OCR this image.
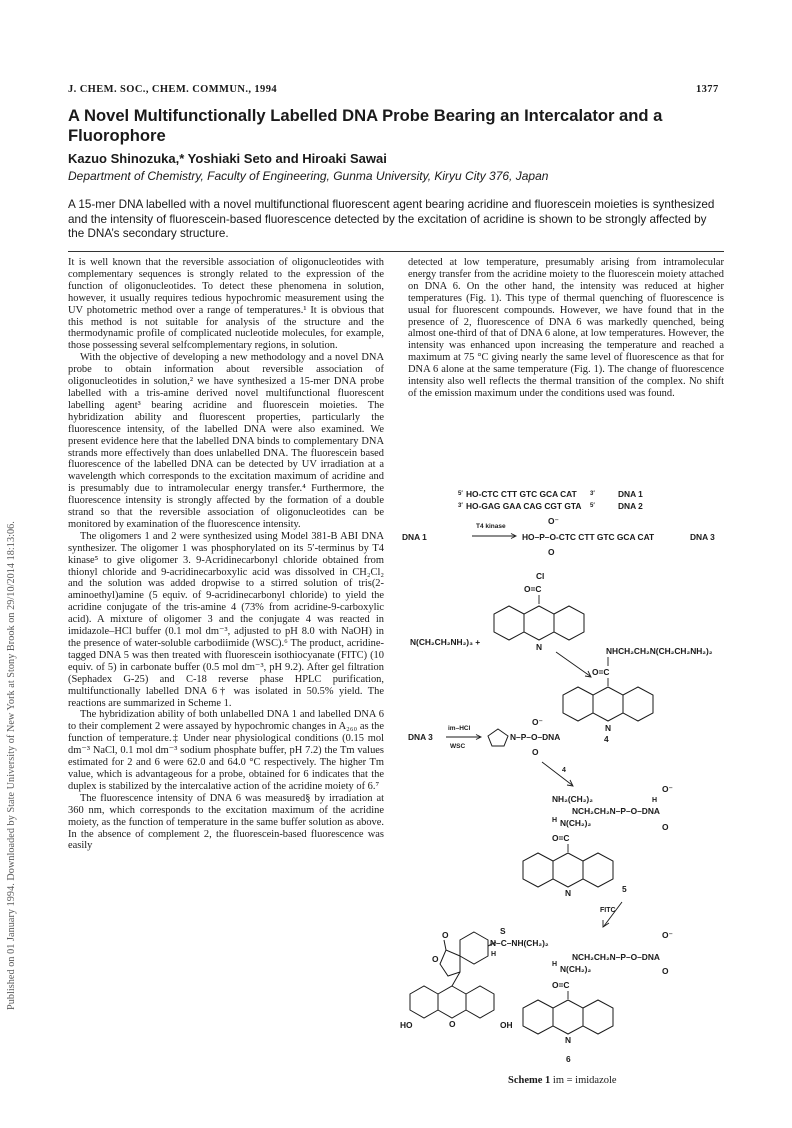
Published on 01 January 1994. Downloaded by State University of New York at Stony Brook on 29/10/2014 18:13:06.
J. CHEM. SOC., CHEM. COMMUN., 1994	1377
A Novel Multifunctionally Labelled DNA Probe Bearing an Intercalator and a Fluorophore
Kazuo Shinozuka,* Yoshiaki Seto and Hiroaki Sawai
Department of Chemistry, Faculty of Engineering, Gunma University, Kiryu City 376, Japan
A 15-mer DNA labelled with a novel multifunctional fluorescent agent bearing acridine and fluorescein moieties is synthesized and the intensity of fluorescein-based fluorescence detected by the excitation of acridine is shown to be strongly affected by the DNA’s secondary structure.

It is well known that the reversible association of oligonucleotides with complementary sequences is strongly related to the expression of the function of oligonucleotides. To detect these phenomena in solution, however, it usually requires tedious hypochromic measurement using the UV photometric method over a range of temperatures.¹ It is obvious that this method is not suitable for analysis of the structure and the thermodynamic profile of complicated nucleotide molecules, for example, those possessing several selfcomplementary regions, in solution.

With the objective of developing a new methodology and a novel DNA probe to obtain information about reversible association of oligonucleotides in solution,² we have synthesized a 15-mer DNA probe labelled with a tris-amine derived novel multifunctional fluorescent labelling agent³ bearing acridine and fluorescein moieties. The hybridization ability and fluorescent properties, particularly the fluorescence intensity, of the labelled DNA were also examined. We present evidence here that the labelled DNA binds to complementary DNA strands more effectively than does unlabelled DNA. The fluorescein based fluorescence of the labelled DNA can be detected by UV irradiation at a wavelength which corresponds to the excitation maximum of acridine and is presumably due to intramolecular energy transfer.⁴ Furthermore, the fluorescence intensity is strongly affected by the formation of a double strand so that the reversible association of oligonucleotides can be monitored by examination of the fluorescence intensity.

The oligomers 1 and 2 were synthesized using Model 381-B ABI DNA synthesizer. The oligomer 1 was phosphorylated on its 5′-terminus by T4 kinase⁵ to give oligomer 3. 9-Acridinecarbonyl chloride obtained from thionyl chloride and 9-acridinecarboxylic acid was dissolved in CH₂Cl₂ and the solution was added dropwise to a stirred solution of tris(2-aminoethyl)amine (5 equiv. of 9-acridinecarbonyl chloride) to yield the acridine conjugate of the tris-amine 4 (73% from acridine-9-carboxylic acid). A mixture of oligomer 3 and the conjugate 4 was reacted in imidazole–HCl buffer (0.1 mol dm⁻³, adjusted to pH 8.0 with NaOH) in the presence of water-soluble carbodiimide (WSC).⁶ The product, acridine-tagged DNA 5 was then treated with fluorescein isothiocyanate (FITC) (10 equiv. of 5) in carbonate buffer (0.5 mol dm⁻³, pH 9.2). After gel filtration (Sephadex G-25) and C-18 reverse phase HPLC purification, multifunctionally labelled DNA 6† was isolated in 50.5% yield. The reactions are summarized in Scheme 1.

The hybridization ability of both unlabelled DNA 1 and labelled DNA 6 to their complement 2 were assayed by hypochromic changes in A₂₆₀ as the function of temperature.‡ Under near physiological conditions (0.15 mol dm⁻³ NaCl, 0.1 mol dm⁻³ sodium phosphate buffer, pH 7.2) the Tm values estimated for 2 and 6 were 62.0 and 64.0 °C respectively. The higher Tm value, which is advantageous for a probe, obtained for 6 indicates that the duplex is stabilized by the intercalative action of the acridine moiety of 6.⁷

The fluorescence intensity of DNA 6 was measured§ by irradiation at 360 nm, which corresponds to the excitation maximum of the acridine moiety, as the function of temperature in the same buffer solution as above. In the absence of complement 2, the fluorescein-based fluorescence was easily

detected at low temperature, presumably arising from intramolecular energy transfer from the acridine moiety to the fluorescein moiety attached on DNA 6. On the other hand, the intensity was reduced at higher temperatures (Fig. 1). This type of thermal quenching of fluorescence is usual for fluorescent compounds. However, we have found that in the presence of 2, fluorescence of DNA 6 was markedly quenched, being almost one-third of that of DNA 6 alone, at low temperatures. However, the intensity was enhanced upon increasing the temperature and reached a maximum at 75 °C giving nearly the same level of fluorescence as that for DNA 6 alone at the same temperature (Fig. 1). The change of fluorescence intensity also well reflects the thermal transition of the complex. No shift of the emission maximum under the conditions used was found.

5′ HO-CTC CTT GTC GCA CAT 3′	DNA 1
3′ HO-GAG GAA CAG CGT GTA 5′	DNA 2
DNA 1
T4 kinase
O⁻
HO–P–O-CTC CTT GTC GCA CAT
O
DNA 3
Cl
O=C
N(CH₂CH₂NH₂)₃ +	N	NHCH₂CH₂N(CH₂CH₂NH₂)₂
O=C
N
4
DNA 3
im–HCl
WSC
O⁻
N–P–O–DNA
O
4
NH₂(CH₂)₂
O⁻
H
NCH₂CH₂N–P–O–DNA
H N(CH₂)₂	O
O=C
N	5
FITC
S
N–C–NH(CH₂)₂
H
O⁻
NCH₂CH₂N–P–O–DNA
H N(CH₂)₂	O
O=C
N
6
O
O
O
HO	OH
Scheme 1 im = imidazole
